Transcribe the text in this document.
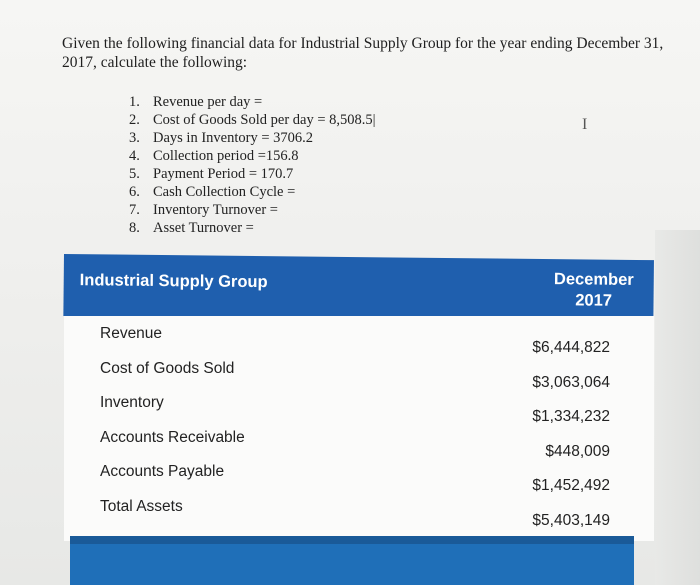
Given the following financial data for Industrial Supply Group for the year ending December 31, 2017, calculate the following:
1. Revenue per day =
2. Cost of Goods Sold per day = 8,508.5|
3. Days in Inventory = 3706.2
4. Collection period =156.8
5. Payment Period = 170.7
6. Cash Collection Cycle =
7. Inventory Turnover =
8. Asset Turnover =
I
Industrial Supply Group	December
2017
Revenue
Cost of Goods Sold
Inventory
Accounts Receivable
Accounts Payable
Total Assets
$6,444,822
$3,063,064
$1,334,232
$448,009
$1,452,492
$5,403,149
